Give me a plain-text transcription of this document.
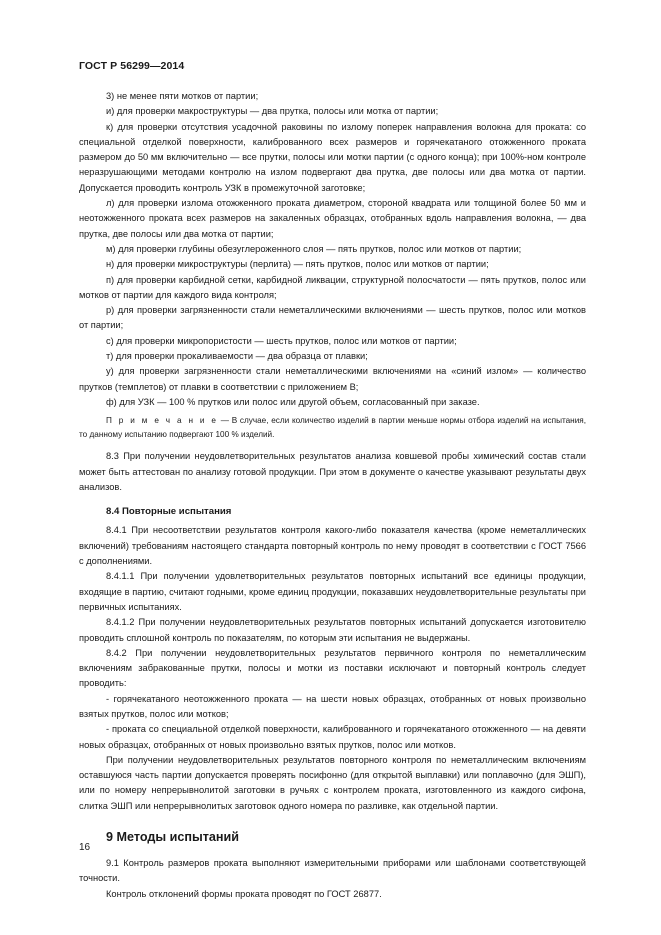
ГОСТ Р 56299—2014

3) не менее пяти мотков от партии;

и) для проверки макроструктуры — два прутка, полосы или мотка от партии;

к) для проверки отсутствия усадочной раковины по излому поперек направления волокна для проката: со специальной отделкой поверхности, калиброванного всех размеров и горячекатаного отожженного проката размером до 50 мм включительно — все прутки, полосы или мотки партии (с одного конца); при 100%-ном контроле неразрушающими методами контролю на излом подвергают два прутка, две полосы или два мотка от партии. Допускается проводить контроль УЗК в промежуточной заготовке;

л) для проверки излома отожженного проката диаметром, стороной квадрата или толщиной более 50 мм и неотожженного проката всех размеров на закаленных образцах, отобранных вдоль направления волокна, — два прутка, две полосы или два мотка от партии;

м) для проверки глубины обезуглероженного слоя — пять прутков, полос или мотков от партии;

н) для проверки микроструктуры (перлита) — пять прутков, полос или мотков от партии;

п) для проверки карбидной сетки, карбидной ликвации, структурной полосчатости — пять прутков, полос или мотков от партии для каждого вида контроля;

р) для проверки загрязненности стали неметаллическими включениями — шесть прутков, полос или мотков от партии;

с) для проверки микропористости — шесть прутков, полос или мотков от партии;

т) для проверки прокаливаемости — два образца от плавки;

у) для проверки загрязненности стали неметаллическими включениями на «синий излом» — количество прутков (темплетов) от плавки в соответствии с приложением В;

ф) для УЗК — 100 % прутков или полос или другой объем, согласованный при заказе.

П р и м е ч а н и е — В случае, если количество изделий в партии меньше нормы отбора изделий на испытания, то данному испытанию подвергают 100 % изделий.

8.3 При получении неудовлетворительных результатов анализа ковшевой пробы химический состав стали может быть аттестован по анализу готовой продукции. При этом в документе о качестве указывают результаты двух анализов.

8.4 Повторные испытания

8.4.1 При несоответствии результатов контроля какого-либо показателя качества (кроме неметаллических включений) требованиям настоящего стандарта повторный контроль по нему проводят в соответствии с ГОСТ 7566 с дополнениями.

8.4.1.1 При получении удовлетворительных результатов повторных испытаний все единицы продукции, входящие в партию, считают годными, кроме единиц продукции, показавших неудовлетворительные результаты при первичных испытаниях.

8.4.1.2 При получении неудовлетворительных результатов повторных испытаний допускается изготовителю проводить сплошной контроль по показателям, по которым эти испытания не выдержаны.

8.4.2 При получении неудовлетворительных результатов первичного контроля по неметаллическим включениям забракованные прутки, полосы и мотки из поставки исключают и повторный контроль следует проводить:

- горячекатаного неотожженного проката — на шести новых образцах, отобранных от новых произвольно взятых прутков, полос или мотков;

- проката со специальной отделкой поверхности, калиброванного и горячекатаного отожженного — на девяти новых образцах, отобранных от новых произвольно взятых прутков, полос или мотков.

При получении неудовлетворительных результатов повторного контроля по неметаллическим включениям оставшуюся часть партии допускается проверять посифонно (для открытой выплавки) или поплавочно (для ЭШП), или по номеру непрерывнолитой заготовки в ручьях с контролем проката, изготовленного из каждого сифона, слитка ЭШП или непрерывнолитых заготовок одного номера по разливке, как отдельной партии.

9 Методы испытаний

9.1 Контроль размеров проката выполняют измерительными приборами или шаблонами соответствующей точности.

Контроль отклонений формы проката проводят по ГОСТ 26877.

16
